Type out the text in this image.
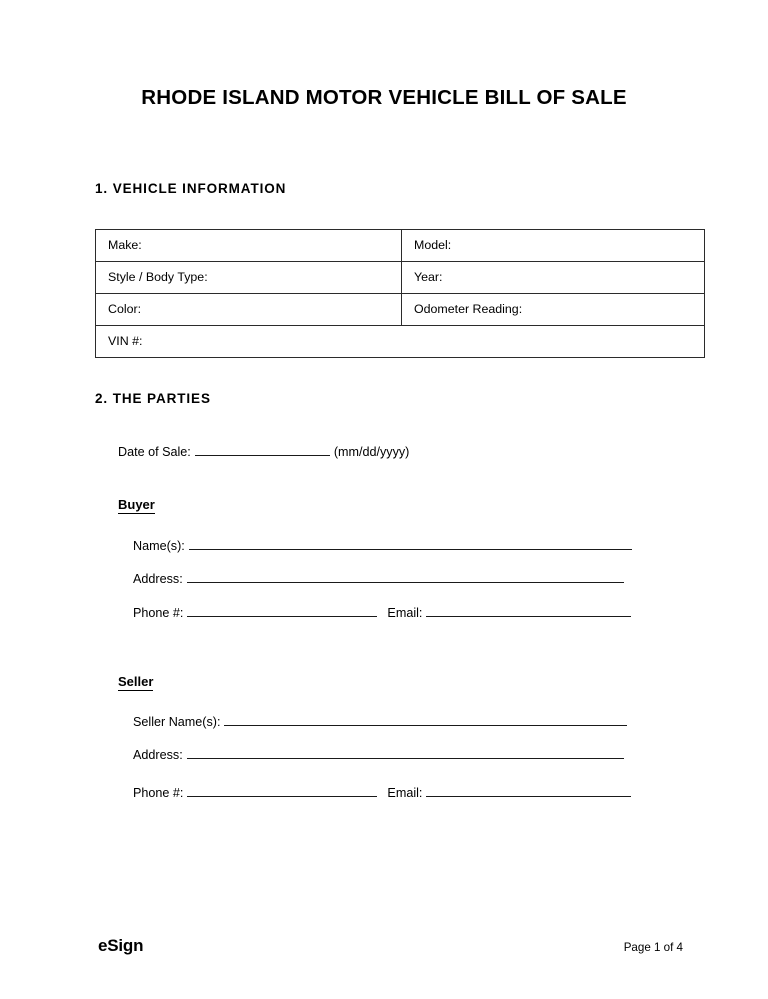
RHODE ISLAND MOTOR VEHICLE BILL OF SALE
1. VEHICLE INFORMATION
Make:	Model:
Style / Body Type:	Year:
Color:	Odometer Reading:
VIN #:	
2. THE PARTIES
Date of Sale:	(mm/dd/yyyy)
Buyer
Name(s):
Address:
Phone #:	Email:
Seller
Seller Name(s):
Address:
Phone #:	Email:
eSign	Page 1 of 4
